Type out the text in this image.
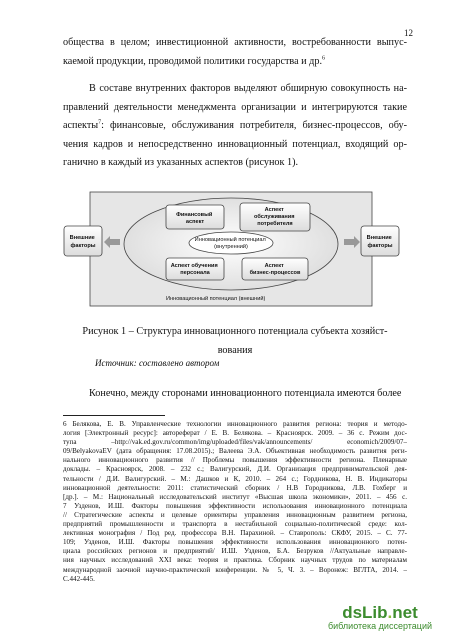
12
общества в целом; инвестиционной активности, востребованности выпус-
каемой продукции, проводимой политики государства и др.$^6$
В составе внутренних факторов выделяют обширную совокупность на-
правлений деятельности менеджмента организации и интегрируются такие
аспекты$^7$: финансовые, обслуживания потребителя, бизнес-процессов, обу-
чения кадров и непосредственно инновационный потенциал, входящий ор-
ганично в каждый из указанных аспектов (рисунок 1).
Внешние факторы
Внешние факторы
Финансовый аспект
Аспект обслуживания потребителя
Инновационный потенциал (внутренний)
Аспект обучения персонала
Аспект бизнес-процессов
Инновационный потенциал (внешний)
Рисунок 1 – Структура инновационного потенциала субъекта хозяйст-
вования
Источник: составлено автором
Конечно, между сторонами инновационного потенциала имеются более
6 Белякова, Е. В. Управленческие технологии инновационного развития региона: теория и методо-
логия [Электронный ресурс]: автореферат / Е. В. Белякова. – Красноярск. 2009. – 36 с. Режим дос-
тупа –http://vak.ed.gov.ru/common/img/uploaded/files/vak/announcements/ economich/2009/07–
09/BelyakovaEV (дата обращения: 17.08.2015).; Валеева Э.А. Объективная необходимость развития реги-
нального инновационного развития // Проблемы повышения эффективности региона. Пленарные
доклады. – Красноярск, 2008. – 232 с.; Валигурский, Д.И. Организация предпринимательской дея-
тельности / Д.И. Валигурский. – М.: Дашков и К, 2010. – 264 с.; Гордникова, Н. В. Индикаторы
инновационной деятельности: 2011: статистический сборник / Н.В Городникова, Л.В. Гохберг и
[др.]. – М.: Национальный исследовательский институт «Высшая школа экономики», 2011. – 456 с.
7 Узденов, И.Ш. Факторы повышения эффективности использования инновационного потенциала
// Стратегические аспекты и целевые ориентиры управления инновационным развитием региона,
предприятий промышленности и транспорта в нестабильной социально-политической среде: кол-
лективная монография / Под ред. профессора В.Н. Парахиной. – Ставрополь: СКФУ, 2015. – С. 77-
109; Узденов, И.Ш. Факторы повышения эффективности использования инновационного потен-
циала российских регионов и предприятий/ И.Ш. Узденов, Б.А. Безруков //Актуальные направле-
ния научных исследований XXI века: теория и практика. Сборник научных трудов по материалам
международной заочной научно-практической конференции. № 5, Ч. 3. – Воронеж: ВГЛТА, 2014. –
С.442-445.
dsLib.net
библиотека диссертаций
